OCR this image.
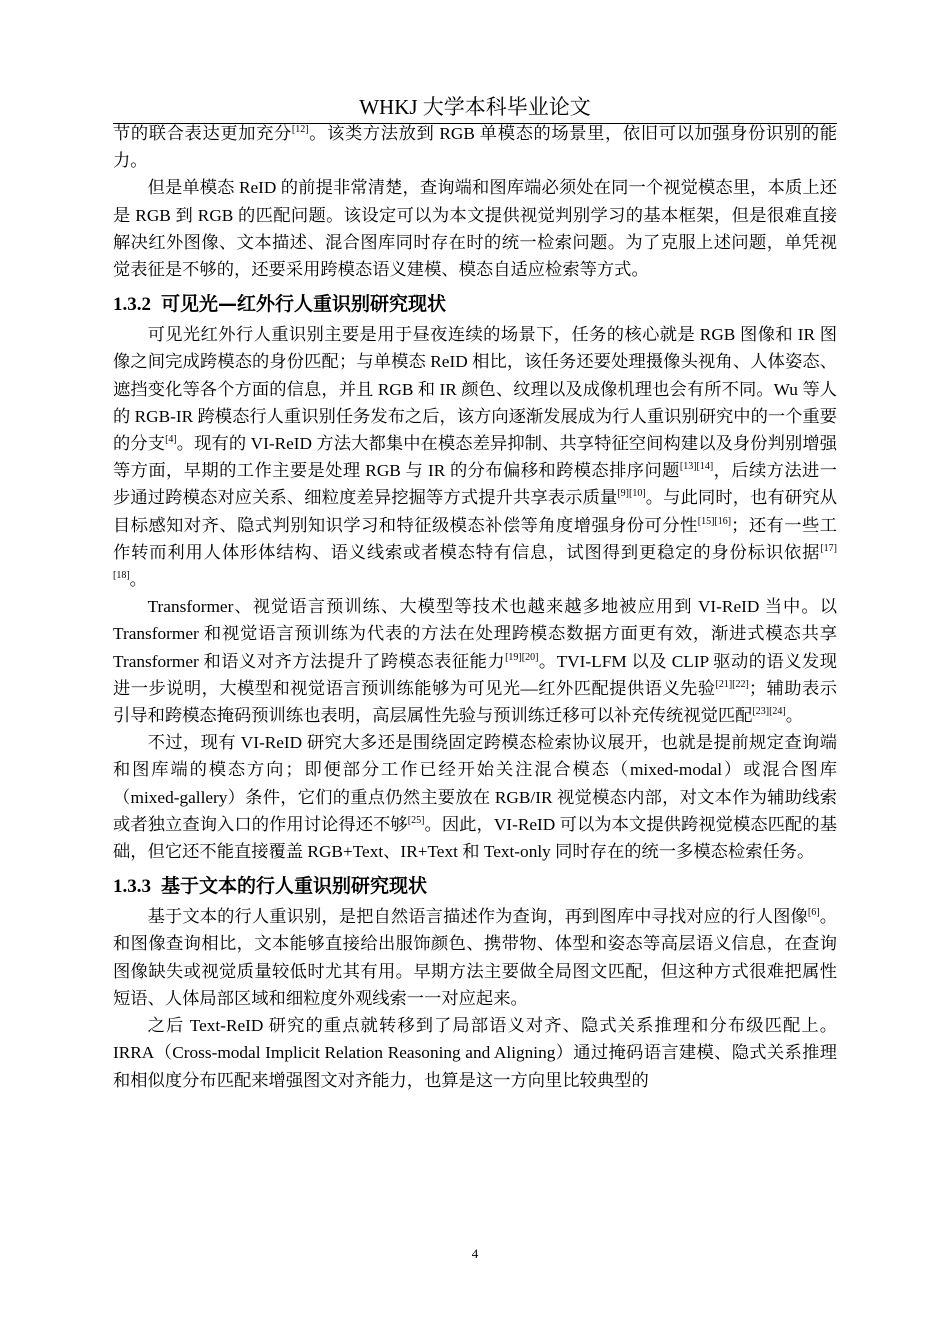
WHKJ 大学本科毕业论文

节的联合表达更加充分[12]。该类方法放到 RGB 单模态的场景里，依旧可以加强身份识别的能力。

但是单模态 ReID 的前提非常清楚，查询端和图库端必须处在同一个视觉模态里，本质上还是 RGB 到 RGB 的匹配问题。该设定可以为本文提供视觉判别学习的基本框架，但是很难直接解决红外图像、文本描述、混合图库同时存在时的统一检索问题。为了克服上述问题，单凭视觉表征是不够的，还要采用跨模态语义建模、模态自适应检索等方式。

1.3.2 可见光—红外行人重识别研究现状

可见光红外行人重识别主要是用于昼夜连续的场景下，任务的核心就是 RGB 图像和 IR 图像之间完成跨模态的身份匹配；与单模态 ReID 相比，该任务还要处理摄像头视角、人体姿态、遮挡变化等各个方面的信息，并且 RGB 和 IR 颜色、纹理以及成像机理也会有所不同。Wu 等人的 RGB-IR 跨模态行人重识别任务发布之后，该方向逐渐发展成为行人重识别研究中的一个重要的分支[4]。现有的 VI-ReID 方法大都集中在模态差异抑制、共享特征空间构建以及身份判别增强等方面，早期的工作主要是处理 RGB 与 IR 的分布偏移和跨模态排序问题[13][14]，后续方法进一步通过跨模态对应关系、细粒度差异挖掘等方式提升共享表示质量[9][10]。与此同时，也有研究从目标感知对齐、隐式判别知识学习和特征级模态补偿等角度增强身份可分性[15][16]；还有一些工作转而利用人体形体结构、语义线索或者模态特有信息，试图得到更稳定的身份标识依据[17][18]。

Transformer、视觉语言预训练、大模型等技术也越来越多地被应用到 VI-ReID 当中。以 Transformer 和视觉语言预训练为代表的方法在处理跨模态数据方面更有效，渐进式模态共享 Transformer 和语义对齐方法提升了跨模态表征能力[19][20]。TVI-LFM 以及 CLIP 驱动的语义发现进一步说明，大模型和视觉语言预训练能够为可见光—红外匹配提供语义先验[21][22]；辅助表示引导和跨模态掩码预训练也表明，高层属性先验与预训练迁移可以补充传统视觉匹配[23][24]。

不过，现有 VI-ReID 研究大多还是围绕固定跨模态检索协议展开，也就是提前规定查询端和图库端的模态方向；即便部分工作已经开始关注混合模态（mixed-modal）或混合图库（mixed-gallery）条件，它们的重点仍然主要放在 RGB/IR 视觉模态内部，对文本作为辅助线索或者独立查询入口的作用讨论得还不够[25]。因此，VI-ReID 可以为本文提供跨视觉模态匹配的基础，但它还不能直接覆盖 RGB+Text、IR+Text 和 Text-only 同时存在的统一多模态检索任务。

1.3.3 基于文本的行人重识别研究现状

基于文本的行人重识别，是把自然语言描述作为查询，再到图库中寻找对应的行人图像[6]。和图像查询相比，文本能够直接给出服饰颜色、携带物、体型和姿态等高层语义信息，在查询图像缺失或视觉质量较低时尤其有用。早期方法主要做全局图文匹配，但这种方式很难把属性短语、人体局部区域和细粒度外观线索一一对应起来。

之后 Text-ReID 研究的重点就转移到了局部语义对齐、隐式关系推理和分布级匹配上。IRRA（Cross-modal Implicit Relation Reasoning and Aligning）通过掩码语言建模、隐式关系推理和相似度分布匹配来增强图文对齐能力，也算是这一方向里比较典型的

4
